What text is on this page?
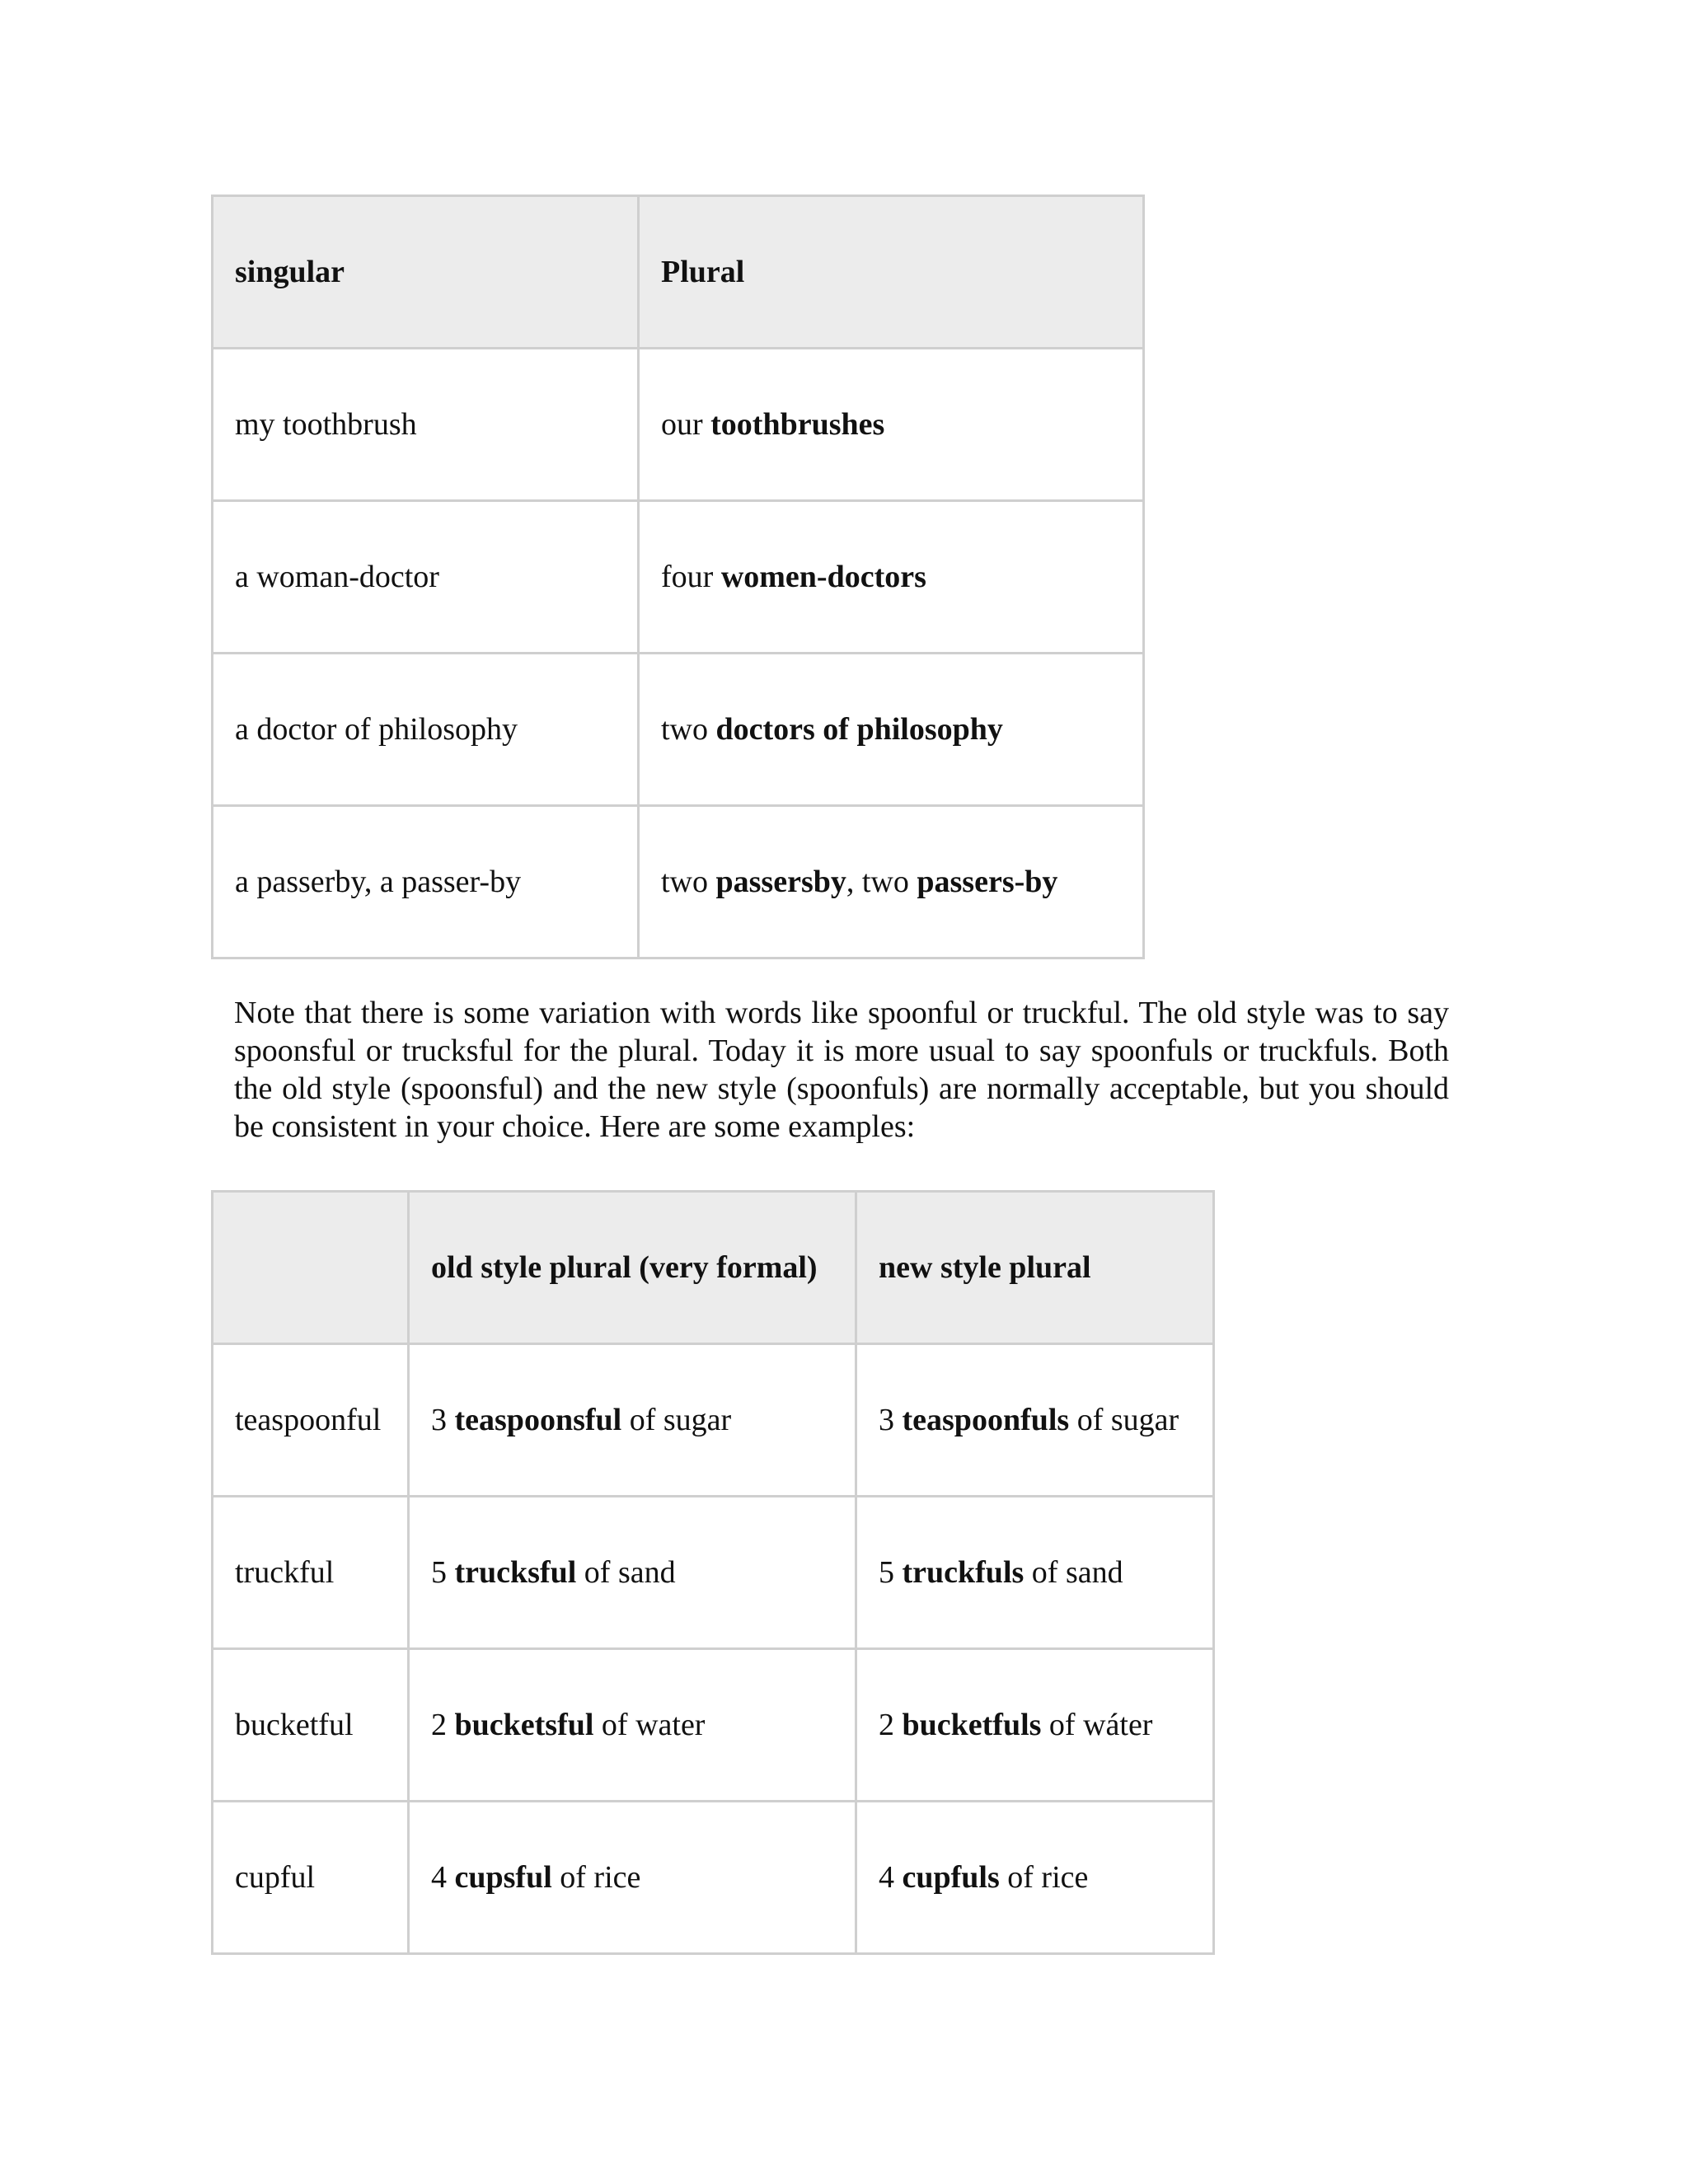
singular	Plural
my toothbrush	our toothbrushes
a woman-doctor	four women-doctors
a doctor of philosophy	two doctors of philosophy
a passerby, a passer-by	two passersby, two passers-by

Note that there is some variation with words like spoonful or truckful. The old style was to say spoonsful or trucksful for the plural. Today it is more usual to say spoonfuls or truckfuls. Both the old style (spoonsful) and the new style (spoonfuls) are normally acceptable, but you should be consistent in your choice. Here are some examples:

	old style plural (very formal)	new style plural
teaspoonful	3 teaspoonsful of sugar	3 teaspoonfuls of sugar
truckful	5 trucksful of sand	5 truckfuls of sand
bucketful	2 bucketsful of water	2 bucketfuls of wáter
cupful	4 cupsful of rice	4 cupfuls of rice
